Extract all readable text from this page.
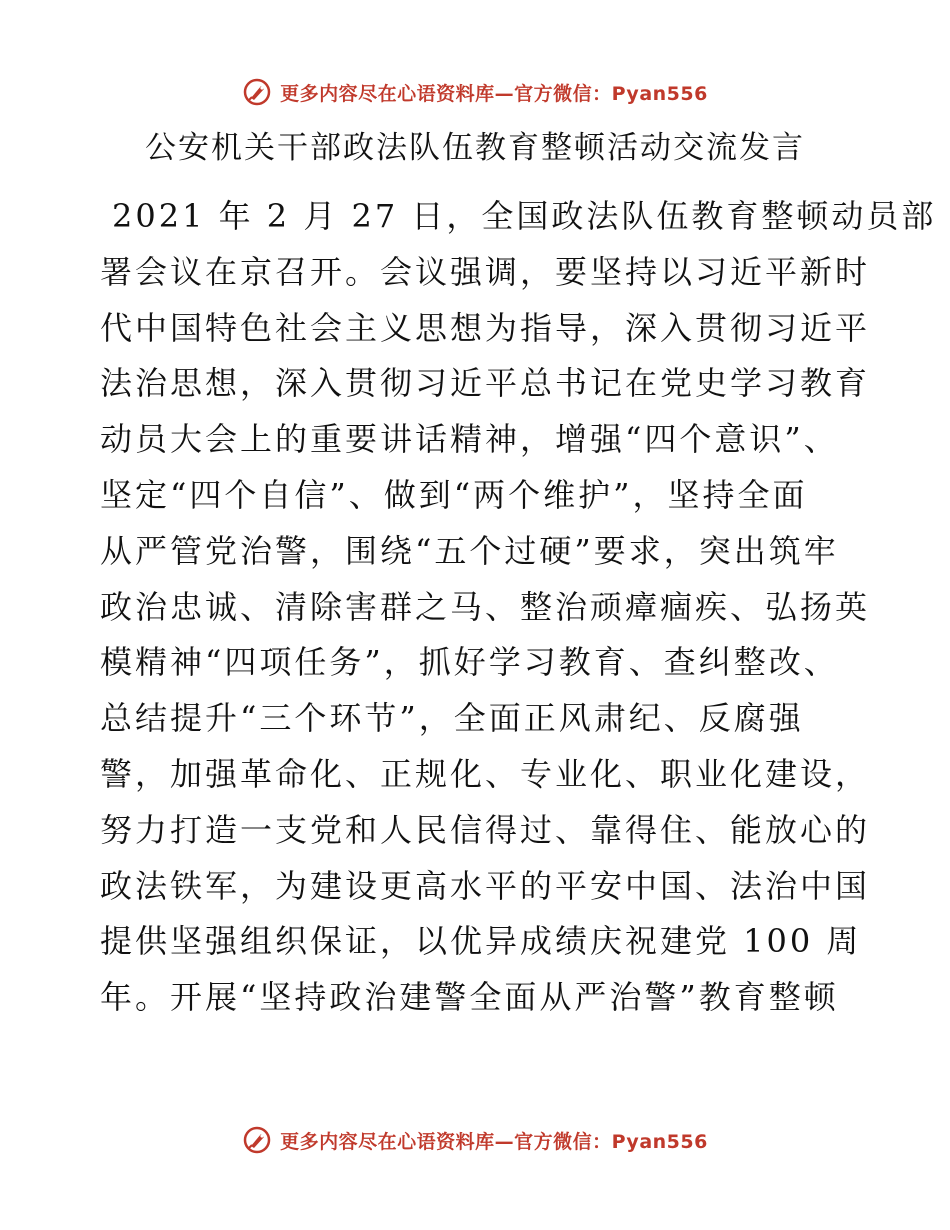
更多内容尽在心语资料库—官方微信：Pyan556
公安机关干部政法队伍教育整顿活动交流发言

2021 年 2 月 27 日，全国政法队伍教育整顿动员部

署会议在京召开。会议强调，要坚持以习近平新时

代中国特色社会主义思想为指导，深入贯彻习近平

法治思想，深入贯彻习近平总书记在党史学习教育

动员大会上的重要讲话精神，增强“四个意识”、

坚定“四个自信”、做到“两个维护”，坚持全面

从严管党治警，围绕“五个过硬”要求，突出筑牢

政治忠诚、清除害群之马、整治顽瘴痼疾、弘扬英

模精神“四项任务”，抓好学习教育、查纠整改、

总结提升“三个环节”，全面正风肃纪、反腐强

警，加强革命化、正规化、专业化、职业化建设，

努力打造一支党和人民信得过、靠得住、能放心的

政法铁军，为建设更高水平的平安中国、法治中国

提供坚强组织保证，以优异成绩庆祝建党 100 周

年。开展“坚持政治建警全面从严治警”教育整顿

更多内容尽在心语资料库—官方微信：Pyan556
